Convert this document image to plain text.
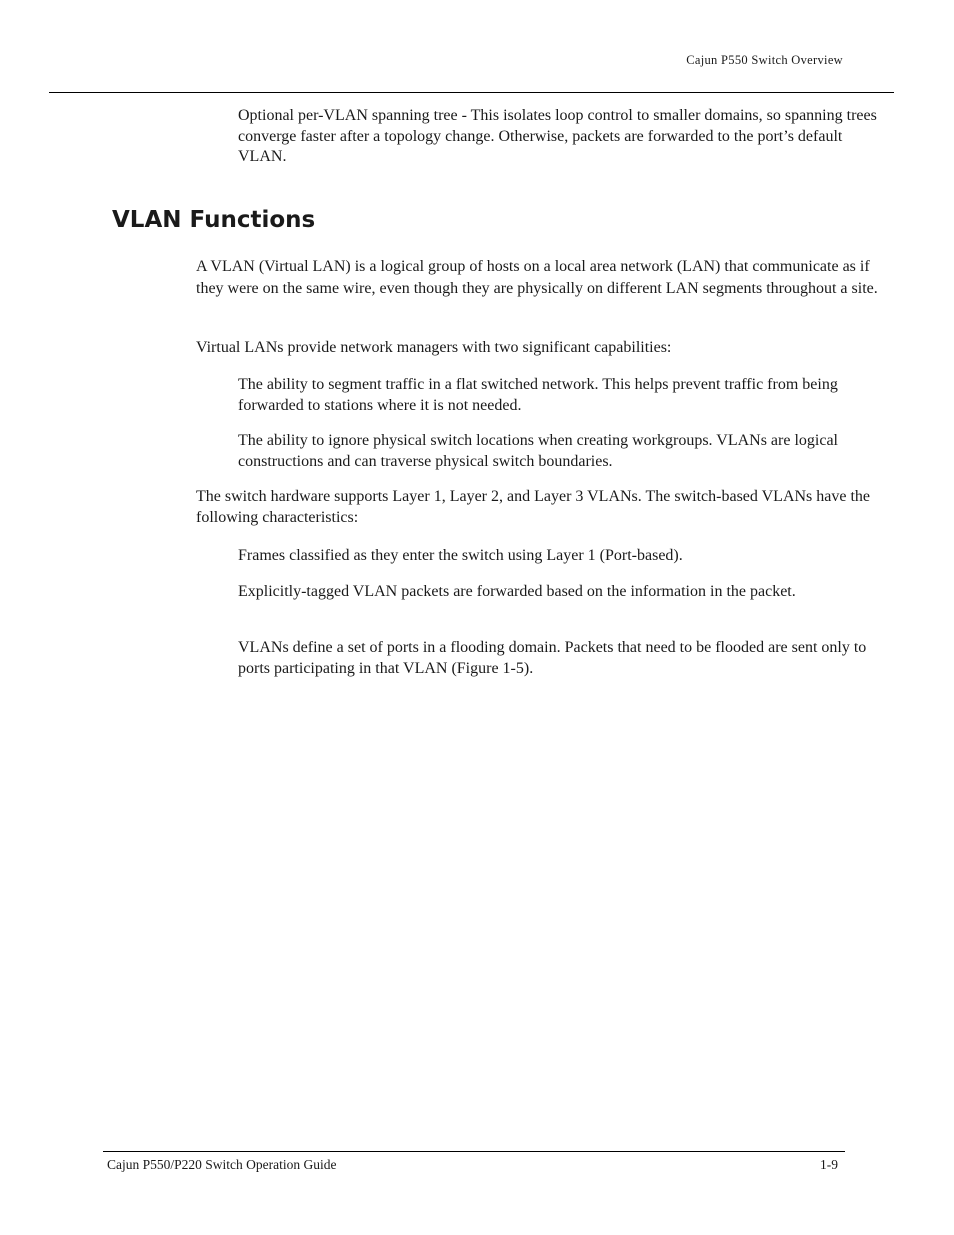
Cajun P550 Switch Overview

Optional per-VLAN spanning tree - This isolates loop control to smaller domains, so spanning trees converge faster after a topology change. Otherwise, packets are forwarded to the port’s default VLAN.

VLAN Functions

A VLAN (Virtual LAN) is a logical group of hosts on a local area network (LAN) that communicate as if they were on the same wire, even though they are physically on different LAN segments throughout a site.

Virtual LANs provide network managers with two significant capabilities:

The ability to segment traffic in a flat switched network. This helps prevent traffic from being forwarded to stations where it is not needed.

The ability to ignore physical switch locations when creating workgroups. VLANs are logical constructions and can traverse physical switch boundaries.

The switch hardware supports Layer 1, Layer 2, and Layer 3 VLANs. The switch-based VLANs have the following characteristics:

Frames classified as they enter the switch using Layer 1 (Port-based).

Explicitly-tagged VLAN packets are forwarded based on the information in the packet.

VLANs define a set of ports in a flooding domain. Packets that need to be flooded are sent only to ports participating in that VLAN (Figure 1-5).

Cajun P550/P220 Switch Operation Guide	1-9
